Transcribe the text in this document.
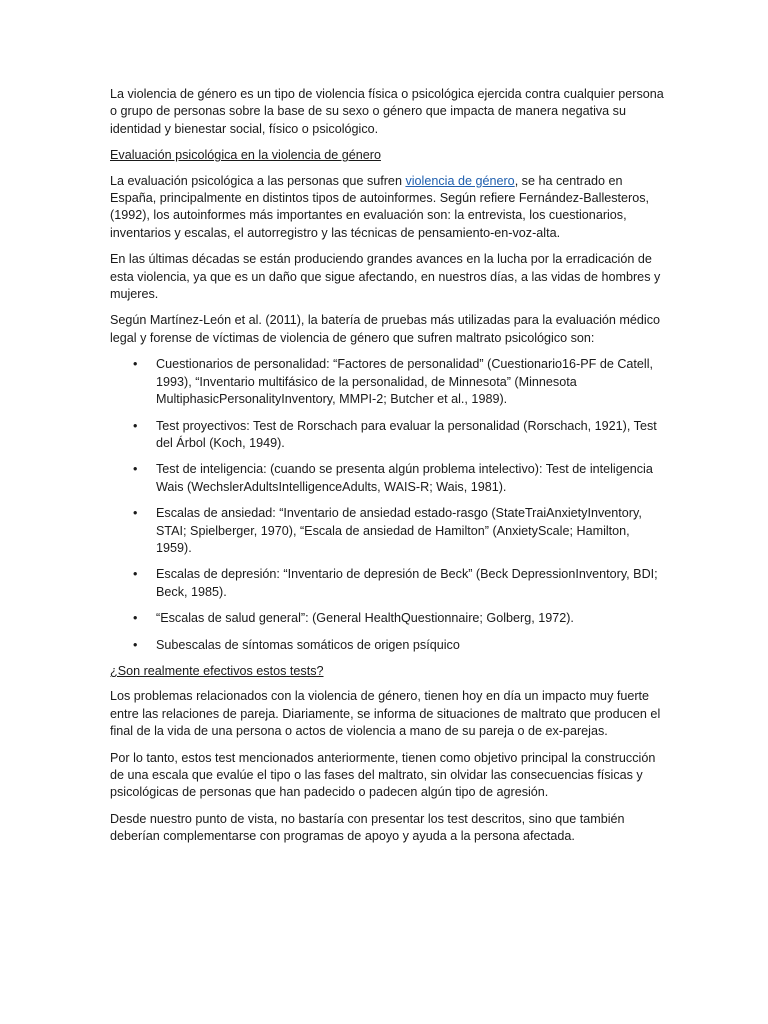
La violencia de género es un tipo de violencia física o psicológica ejercida contra cualquier persona o grupo de personas sobre la base de su sexo o género que impacta de manera negativa su identidad y bienestar social, físico o psicológico.

Evaluación psicológica en la violencia de género

La evaluación psicológica a las personas que sufren violencia de género, se ha centrado en España, principalmente en distintos tipos de autoinformes. Según refiere Fernández-Ballesteros, (1992), los autoinformes más importantes en evaluación son: la entrevista, los cuestionarios, inventarios y escalas, el autorregistro y las técnicas de pensamiento-en-voz-alta.

En las últimas décadas se están produciendo grandes avances en la lucha por la erradicación de esta violencia, ya que es un daño que sigue afectando, en nuestros días, a las vidas de hombres y mujeres.

Según Martínez-León et al. (2011), la batería de pruebas más utilizadas para la evaluación médico legal y forense de víctimas de violencia de género que sufren maltrato psicológico son:

• Cuestionarios de personalidad: “Factores de personalidad” (Cuestionario16-PF de Catell, 1993), “Inventario multifásico de la personalidad, de Minnesota” (Minnesota MultiphasicPersonalityInventory, MMPI-2; Butcher et al., 1989).
• Test proyectivos: Test de Rorschach para evaluar la personalidad (Rorschach, 1921), Test del Árbol (Koch, 1949).
• Test de inteligencia: (cuando se presenta algún problema intelectivo): Test de inteligencia Wais (WechslerAdultsIntelligenceAdults, WAIS-R; Wais, 1981).
• Escalas de ansiedad: “Inventario de ansiedad estado-rasgo (StateTraiAnxietyInventory, STAI; Spielberger, 1970), “Escala de ansiedad de Hamilton” (AnxietyScale; Hamilton, 1959).
• Escalas de depresión: “Inventario de depresión de Beck” (Beck DepressionInventory, BDI; Beck, 1985).
• “Escalas de salud general”: (General HealthQuestionnaire; Golberg, 1972).
• Subescalas de síntomas somáticos de origen psíquico

¿Son realmente efectivos estos tests?

Los problemas relacionados con la violencia de género, tienen hoy en día un impacto muy fuerte entre las relaciones de pareja. Diariamente, se informa de situaciones de maltrato que producen el final de la vida de una persona o actos de violencia a mano de su pareja o de ex-parejas.

Por lo tanto, estos test mencionados anteriormente, tienen como objetivo principal la construcción de una escala que evalúe el tipo o las fases del maltrato, sin olvidar las consecuencias físicas y psicológicas de personas que han padecido o padecen algún tipo de agresión.

Desde nuestro punto de vista, no bastaría con presentar los test descritos, sino que también deberían complementarse con programas de apoyo y ayuda a la persona afectada.
